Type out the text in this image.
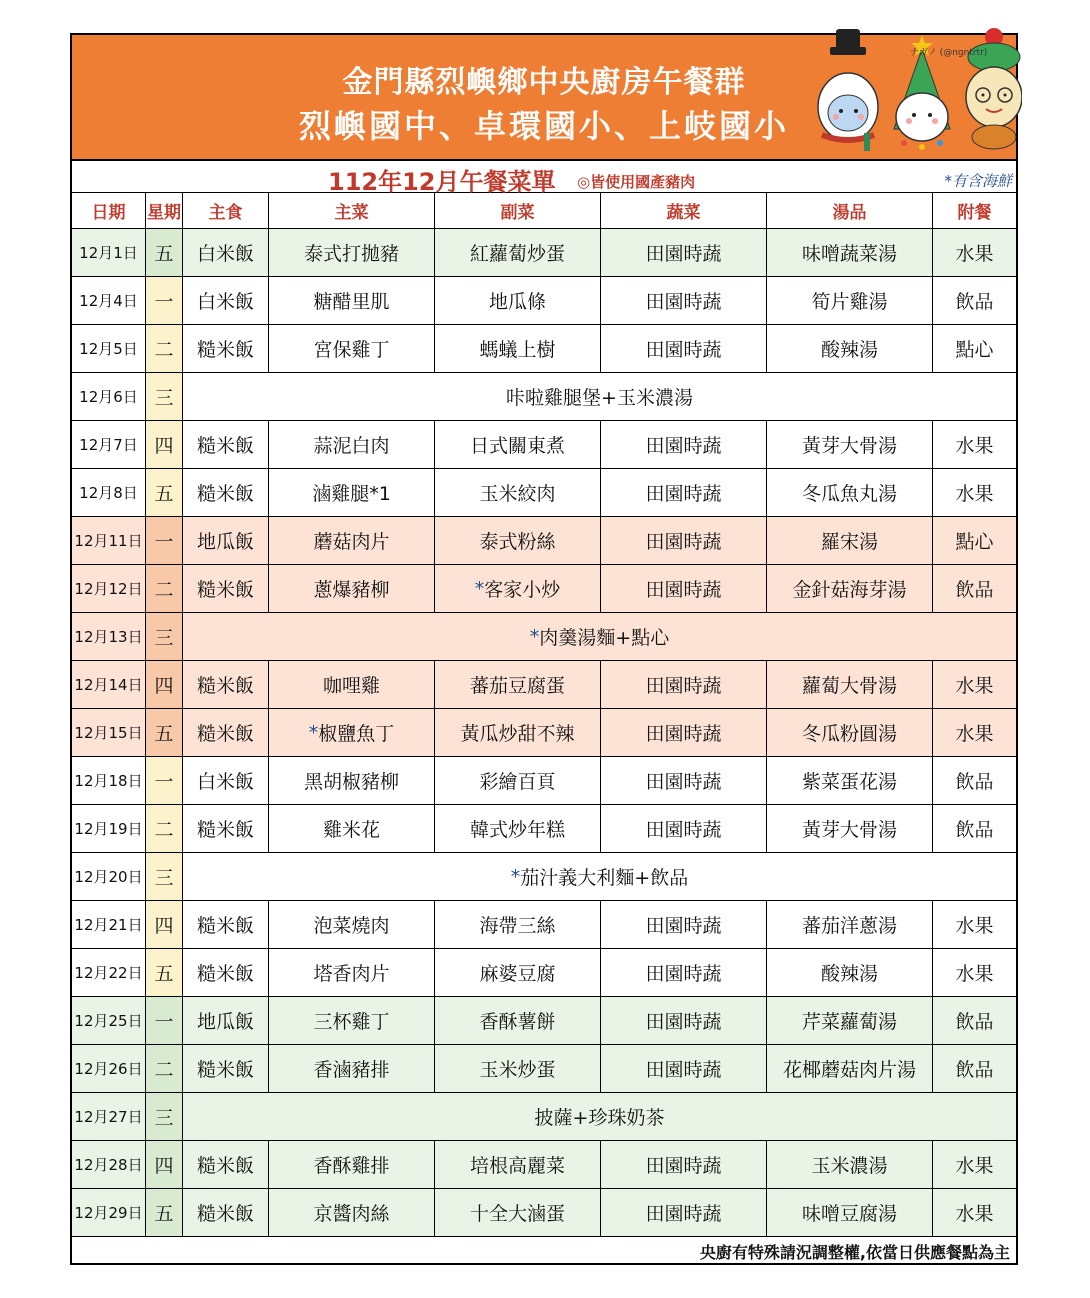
金門縣烈嶼鄉中央廚房午餐群
烈嶼國中、卓環國小、上岐國小
ナガノ (@ngntrtr)
112年12月午餐菜單 ◎皆使用國產豬肉	*有含海鮮
日期	星期	主食	主菜	副菜	蔬菜	湯品	附餐
12月1日 五	白米飯	泰式打拋豬	紅蘿蔔炒蛋	田園時蔬	味噌蔬菜湯	水果
12月4日 一	白米飯	糖醋里肌	地瓜條	田園時蔬	筍片雞湯	飲品
12月5日 二	糙米飯	宮保雞丁	螞蟻上樹	田園時蔬	酸辣湯	點心
12月6日 三	咔啦雞腿堡+玉米濃湯
12月7日 四	糙米飯	蒜泥白肉	日式關東煮	田園時蔬	黃芽大骨湯	水果
12月8日 五	糙米飯	滷雞腿*1	玉米絞肉	田園時蔬	冬瓜魚丸湯	水果
12月11日 一	地瓜飯	蘑菇肉片	泰式粉絲	田園時蔬	羅宋湯	點心
12月12日 二	糙米飯	蔥爆豬柳	* 客家小炒	田園時蔬	金針菇海芽湯	飲品
12月13日 三	* 肉羹湯麵+點心
12月14日 四	糙米飯	咖哩雞	蕃茄豆腐蛋	田園時蔬	蘿蔔大骨湯	水果
12月15日 五	糙米飯	* 椒鹽魚丁	黃瓜炒甜不辣	田園時蔬	冬瓜粉圓湯	水果
12月18日 一	白米飯	黑胡椒豬柳	彩繪百頁	田園時蔬	紫菜蛋花湯	飲品
12月19日 二	糙米飯	雞米花	韓式炒年糕	田園時蔬	黃芽大骨湯	飲品
12月20日 三	* 茄汁義大利麵+飲品
12月21日 四	糙米飯	泡菜燒肉	海帶三絲	田園時蔬	蕃茄洋蔥湯	水果
12月22日 五	糙米飯	塔香肉片	麻婆豆腐	田園時蔬	酸辣湯	水果
12月25日 一	地瓜飯	三杯雞丁	香酥薯餅	田園時蔬	芹菜蘿蔔湯	飲品
12月26日 二	糙米飯	香滷豬排	玉米炒蛋	田園時蔬	花椰蘑菇肉片湯 飲品
12月27日 三	披薩+珍珠奶茶
12月28日 四	糙米飯	香酥雞排	培根高麗菜	田園時蔬	玉米濃湯	水果
12月29日 五	糙米飯	京醬肉絲	十全大滷蛋	田園時蔬	味噌豆腐湯	水果
央廚有特殊請況調整權,依當日供應餐點為主
